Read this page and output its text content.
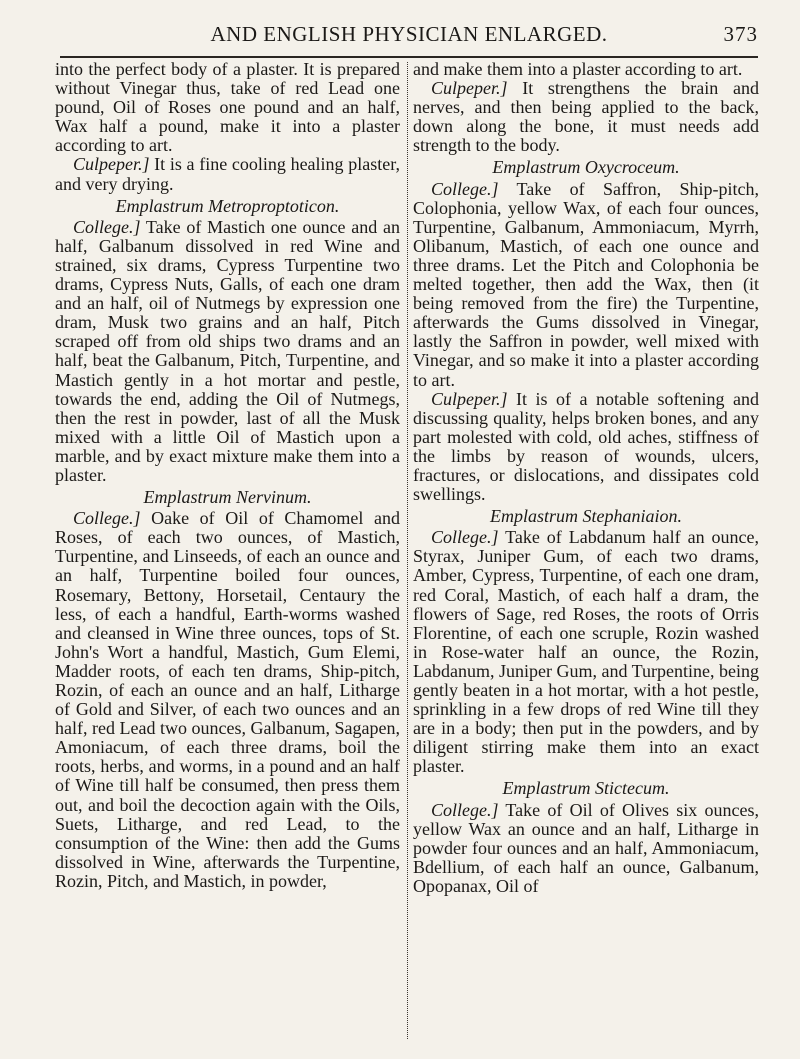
AND ENGLISH PHYSICIAN ENLARGED.	373

into the perfect body of a plaster. It is prepared without Vinegar thus, take of red Lead one pound, Oil of Roses one pound and an half, Wax half a pound, make it into a plaster according to art.

Culpeper.] It is a fine cooling healing plaster, and very drying.

Emplastrum Metroproptoticon.

College.] Take of Mastich one ounce and an half, Galbanum dissolved in red Wine and strained, six drams, Cypress Turpentine two drams, Cypress Nuts, Galls, of each one dram and an half, oil of Nutmegs by expression one dram, Musk two grains and an half, Pitch scraped off from old ships two drams and an half, beat the Galbanum, Pitch, Turpentine, and Mastich gently in a hot mortar and pestle, towards the end, adding the Oil of Nutmegs, then the rest in powder, last of all the Musk mixed with a little Oil of Mastich upon a marble, and by exact mixture make them into a plaster.

Emplastrum Nervinum.

College.] Oake of Oil of Chamomel and Roses, of each two ounces, of Mastich, Turpentine, and Linseeds, of each an ounce and an half, Turpentine boiled four ounces, Rosemary, Bettony, Horsetail, Centaury the less, of each a handful, Earth-worms washed and cleansed in Wine three ounces, tops of St. John's Wort a handful, Mastich, Gum Elemi, Madder roots, of each ten drams, Ship-pitch, Rozin, of each an ounce and an half, Litharge of Gold and Silver, of each two ounces and an half, red Lead two ounces, Galbanum, Sagapen, Amoniacum, of each three drams, boil the roots, herbs, and worms, in a pound and an half of Wine till half be consumed, then press them out, and boil the decoction again with the Oils, Suets, Litharge, and red Lead, to the consumption of the Wine: then add the Gums dissolved in Wine, afterwards the Turpentine, Rozin, Pitch, and Mastich, in powder,

and make them into a plaster according to art.

Culpeper.] It strengthens the brain and nerves, and then being applied to the back, down along the bone, it must needs add strength to the body.

Emplastrum Oxycroceum.

College.] Take of Saffron, Ship-pitch, Colophonia, yellow Wax, of each four ounces, Turpentine, Galbanum, Ammoniacum, Myrrh, Olibanum, Mastich, of each one ounce and three drams. Let the Pitch and Colophonia be melted together, then add the Wax, then (it being removed from the fire) the Turpentine, afterwards the Gums dissolved in Vinegar, lastly the Saffron in powder, well mixed with Vinegar, and so make it into a plaster according to art.

Culpeper.] It is of a notable softening and discussing quality, helps broken bones, and any part molested with cold, old aches, stiffness of the limbs by reason of wounds, ulcers, fractures, or dislocations, and dissipates cold swellings.

Emplastrum Stephaniaion.

College.] Take of Labdanum half an ounce, Styrax, Juniper Gum, of each two drams, Amber, Cypress, Turpentine, of each one dram, red Coral, Mastich, of each half a dram, the flowers of Sage, red Roses, the roots of Orris Florentine, of each one scruple, Rozin washed in Rose-water half an ounce, the Rozin, Labdanum, Juniper Gum, and Turpentine, being gently beaten in a hot mortar, with a hot pestle, sprinkling in a few drops of red Wine till they are in a body; then put in the powders, and by diligent stirring make them into an exact plaster.

Emplastrum Stictecum.

College.] Take of Oil of Olives six ounces, yellow Wax an ounce and an half, Litharge in powder four ounces and an half, Ammoniacum, Bdellium, of each half an ounce, Galbanum, Opopanax, Oil of
